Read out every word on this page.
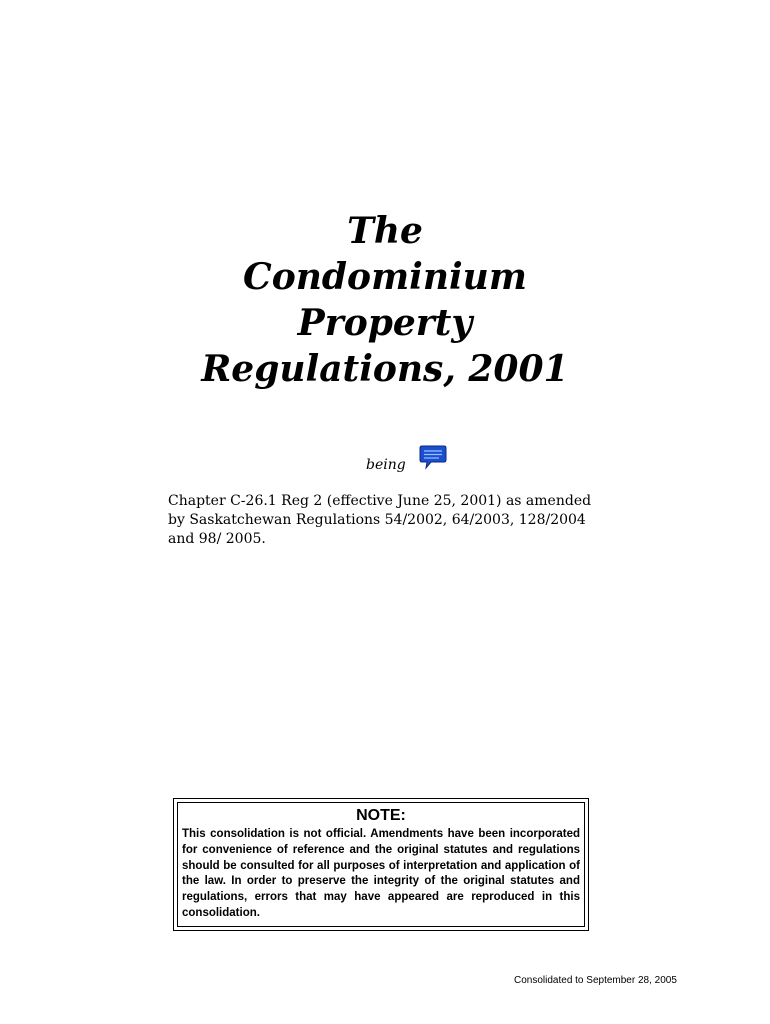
The
Condominium
Property
Regulations, 2001
being
Chapter C-26.1 Reg 2 (effective June 25, 2001) as amended by Saskatchewan Regulations 54/2002, 64/2003, 128/2004 and 98/ 2005.
NOTE:
This consolidation is not official. Amendments have been incorporated for convenience of reference and the original statutes and regulations should be consulted for all purposes of interpretation and application of the law. In order to preserve the integrity of the original statutes and regulations, errors that may have appeared are reproduced in this consolidation.
Consolidated to September 28, 2005
